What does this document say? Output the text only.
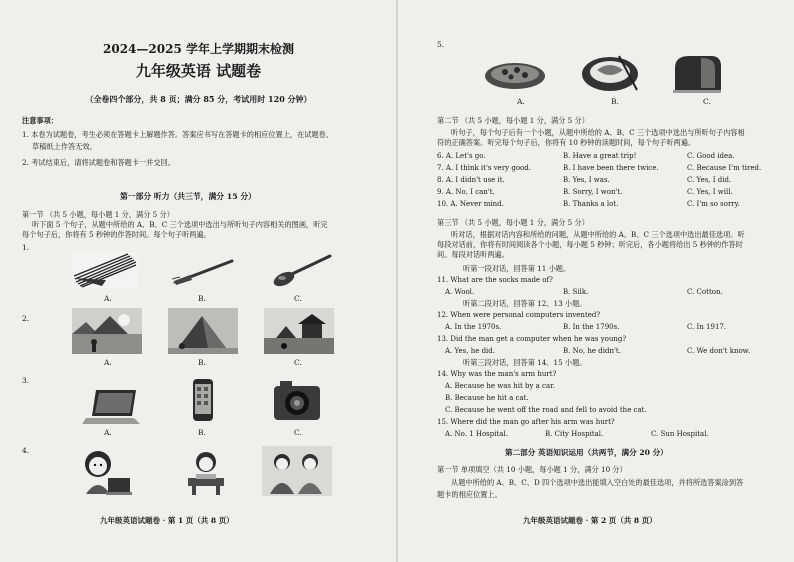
2024—2025 学年上学期期末检测
九年级英语 试题卷
（全卷四个部分，共 8 页；满分 85 分，考试用时 120 分钟）
注意事项：
1. 本卷为试题卷，考生必须在答题卡上解题作答。答案应书写在答题卡的相应位置上，在试题卷、
草稿纸上作答无效。
2. 考试结束后，请将试题卷和答题卡一并交回。
第一部分 听力（共三节，满分 15 分）
第一节 （共 5 小题，每小题 1 分，满分 5 分）
听下面 5 个句子，从题中所给的 A、B、C 三个选项中选出与所听句子内容相关的图画，听完
每个句子后，你将有 5 秒钟的作答时间。每个句子听两遍。
1.
A.	B.	C.
2.
A.	B.	C.
3.
A.	B.	C.
4.
九年级英语试题卷 · 第 1 页（共 8 页）
5.
A.	B.	C.
第二节 （共 5 小题，每小题 1 分，满分 5 分）
听句子，每个句子后有一个小题，从题中所给的 A、B、C 三个选项中选出与所听句子内容相
符的正确答案。听完每个句子后，你将有 10 秒钟的读题时间，每个句子听两遍。
6. A. Let's go.	B. Have a great trip!	C. Good idea.
7. A. I think it's very good.	B. I have been there twice.	C. Because I'm tired.
8. A. I didn't use it.	B. Yes, I was.	C. Yes, I did.
9. A. No, I can't.	B. Sorry, I won't.	C. Yes, I will.
10. A. Never mind.	B. Thanks a lot.	C. I'm so sorry.
第三节 （共 5 小题，每小题 1 分，满分 5 分）
听对话，根据对话内容和所给的问题，从题中所给的 A、B、C 三个选项中选出最佳选项。听
每段对话前，你将有时间阅读各个小题，每小题 5 秒钟；听完后，各小题将给出 5 秒钟的作答时
间。每段对话听两遍。
听第一段对话，回答第 11 小题。
11. What are the socks made of?
A. Wool.	B. Silk.	C. Cotton.
听第二段对话，回答第 12、13 小题。
12. When were personal computers invented?
A. In the 1970s.	B. In the 1790s.	C. In 1917.
13. Did the man get a computer when he was young?
A. Yes, he did.	B. No, he didn't.	C. We don't know.
听第三段对话，回答第 14、15 小题。
14. Why was the man's arm hurt?
A. Because he was hit by a car.
B. Because he hit a cat.
C. Because he went off the road and fell to avoid the cat.
15. Where did the man go after his arm was hurt?
A. No. 1 Hospital.	B. City Hospital.	C. Sun Hospital.
第二部分 英语知识运用（共两节，满分 20 分）
第一节 单项填空（共 10 小题，每小题 1 分，满分 10 分）
从题中所给的 A、B、C、D 四个选项中选出能填入空白处的最佳选项，并将所选答案涂到答
题卡的相应位置上。
九年级英语试题卷 · 第 2 页（共 8 页）
